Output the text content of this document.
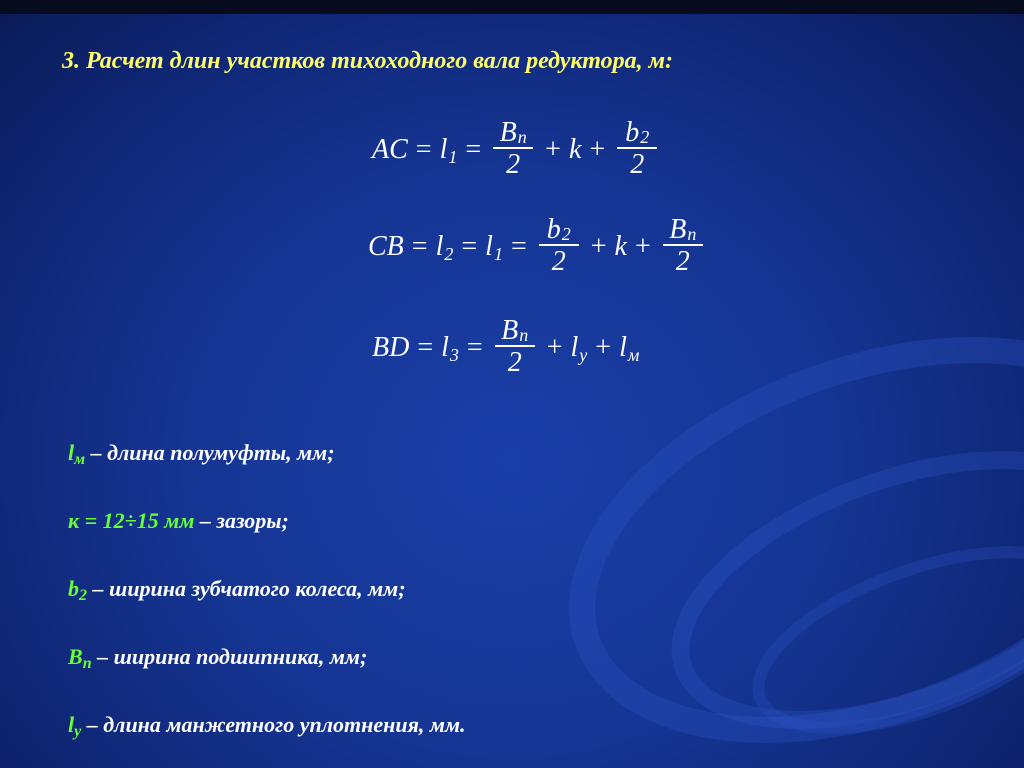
3. Расчет длин участков тихоходного вала редуктора, м:
AC = l $1 = \frac{Bп}{2} + k + \frac{b2}{2}$
CB = l 2 = l $1 = \frac{b2}{2} + k + \frac{Bп}{2}$
BD = l $3 = \frac{Bп}{2} + l$ у + l м
lм – длина полумуфты, мм;
к = 12÷15 мм – зазоры;
b2 – ширина зубчатого колеса, мм;
Вп – ширина подшипника, мм;
lу – длина манжетного уплотнения, мм.
